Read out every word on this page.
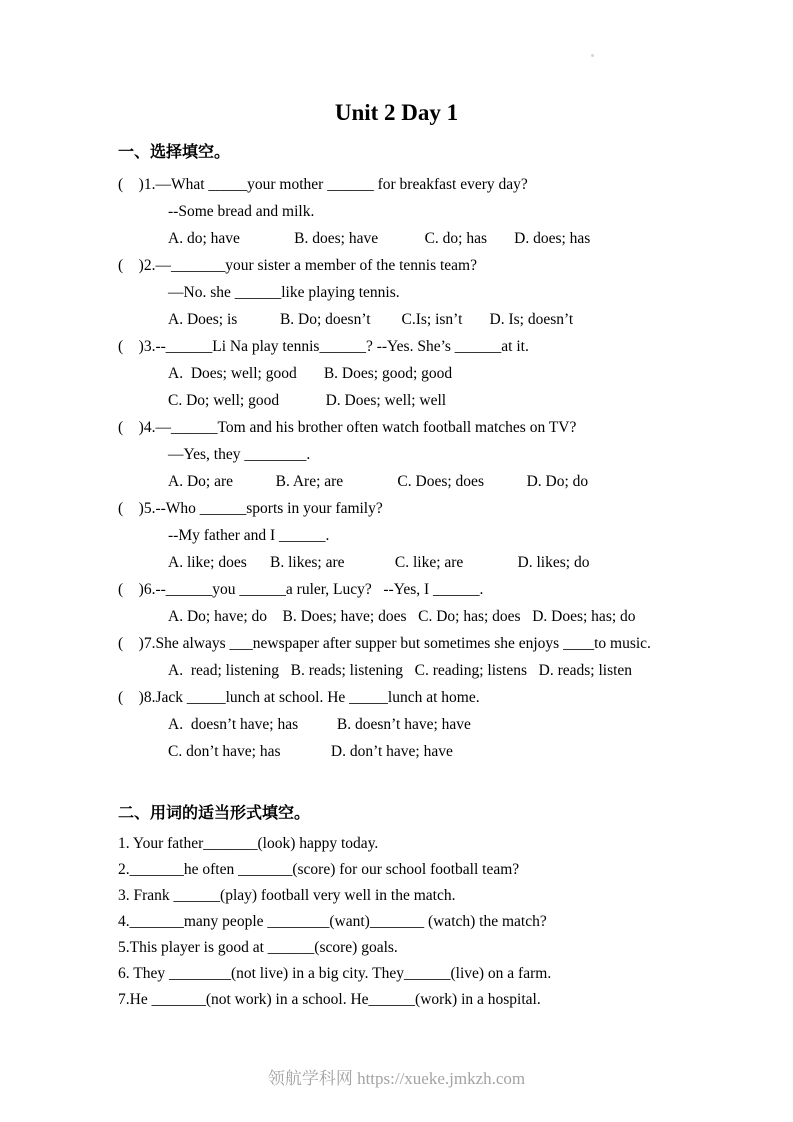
Unit 2 Day 1
一、选择填空。
(    )1.—What _____your mother ______ for breakfast every day?
--Some bread and milk.
A. do; have              B. does; have            C. do; has       D. does; has
(    )2.—_______your sister a member of the tennis team?
—No. she ______like playing tennis.
A. Does; is           B. Do; doesn’t        C.Is; isn’t       D. Is; doesn’t
(    )3.--______Li Na play tennis______? --Yes. She’s ______at it.
A.  Does; well; good       B. Does; good; good
C. Do; well; good            D. Does; well; well
(    )4.—______Tom and his brother often watch football matches on TV?
—Yes, they ________.
A. Do; are           B. Are; are              C. Does; does           D. Do; do
(    )5.--Who ______sports in your family?
--My father and I ______.
A. like; does      B. likes; are             C. like; are              D. likes; do
(    )6.--______you ______a ruler, Lucy?   --Yes, I ______.
A. Do; have; do    B. Does; have; does   C. Do; has; does   D. Does; has; do
(    )7.She always ___newspaper after supper but sometimes she enjoys ____to music.
A.  read; listening   B. reads; listening   C. reading; listens   D. reads; listen
(    )8.Jack _____lunch at school. He _____lunch at home.
A.  doesn’t have; has          B. doesn’t have; have
C. don’t have; has             D. don’t have; have
二、用词的适当形式填空。
1. Your father_______(look) happy today.
2._______he often _______(score) for our school football team?
3. Frank ______(play) football very well in the match.
4._______many people ________(want)_______ (watch) the match?
5.This player is good at ______(score) goals.
6. They ________(not live) in a big city. They______(live) on a farm.
7.He _______(not work) in a school. He______(work) in a hospital.
领航学科网 https://xueke.jmkzh.com
